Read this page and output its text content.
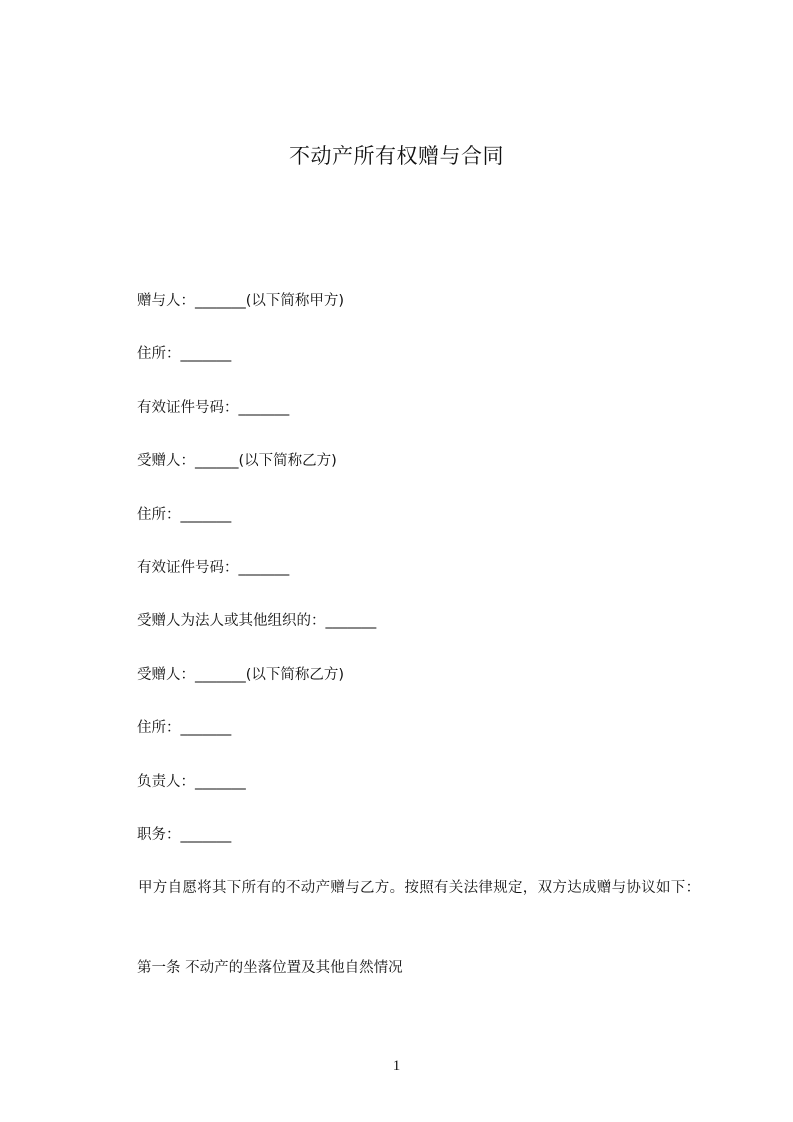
不动产所有权赠与合同
赠与人：_______(以下简称甲方)
住所：_______
有效证件号码：_______
受赠人：______(以下简称乙方)
住所：_______
有效证件号码：_______
受赠人为法人或其他组织的：_______
受赠人：_______(以下简称乙方)
住所：_______
负责人：_______
职务：_______
甲方自愿将其下所有的不动产赠与乙方。按照有关法律规定，双方达成赠与协议如下：
第一条 不动产的坐落位置及其他自然情况
1
